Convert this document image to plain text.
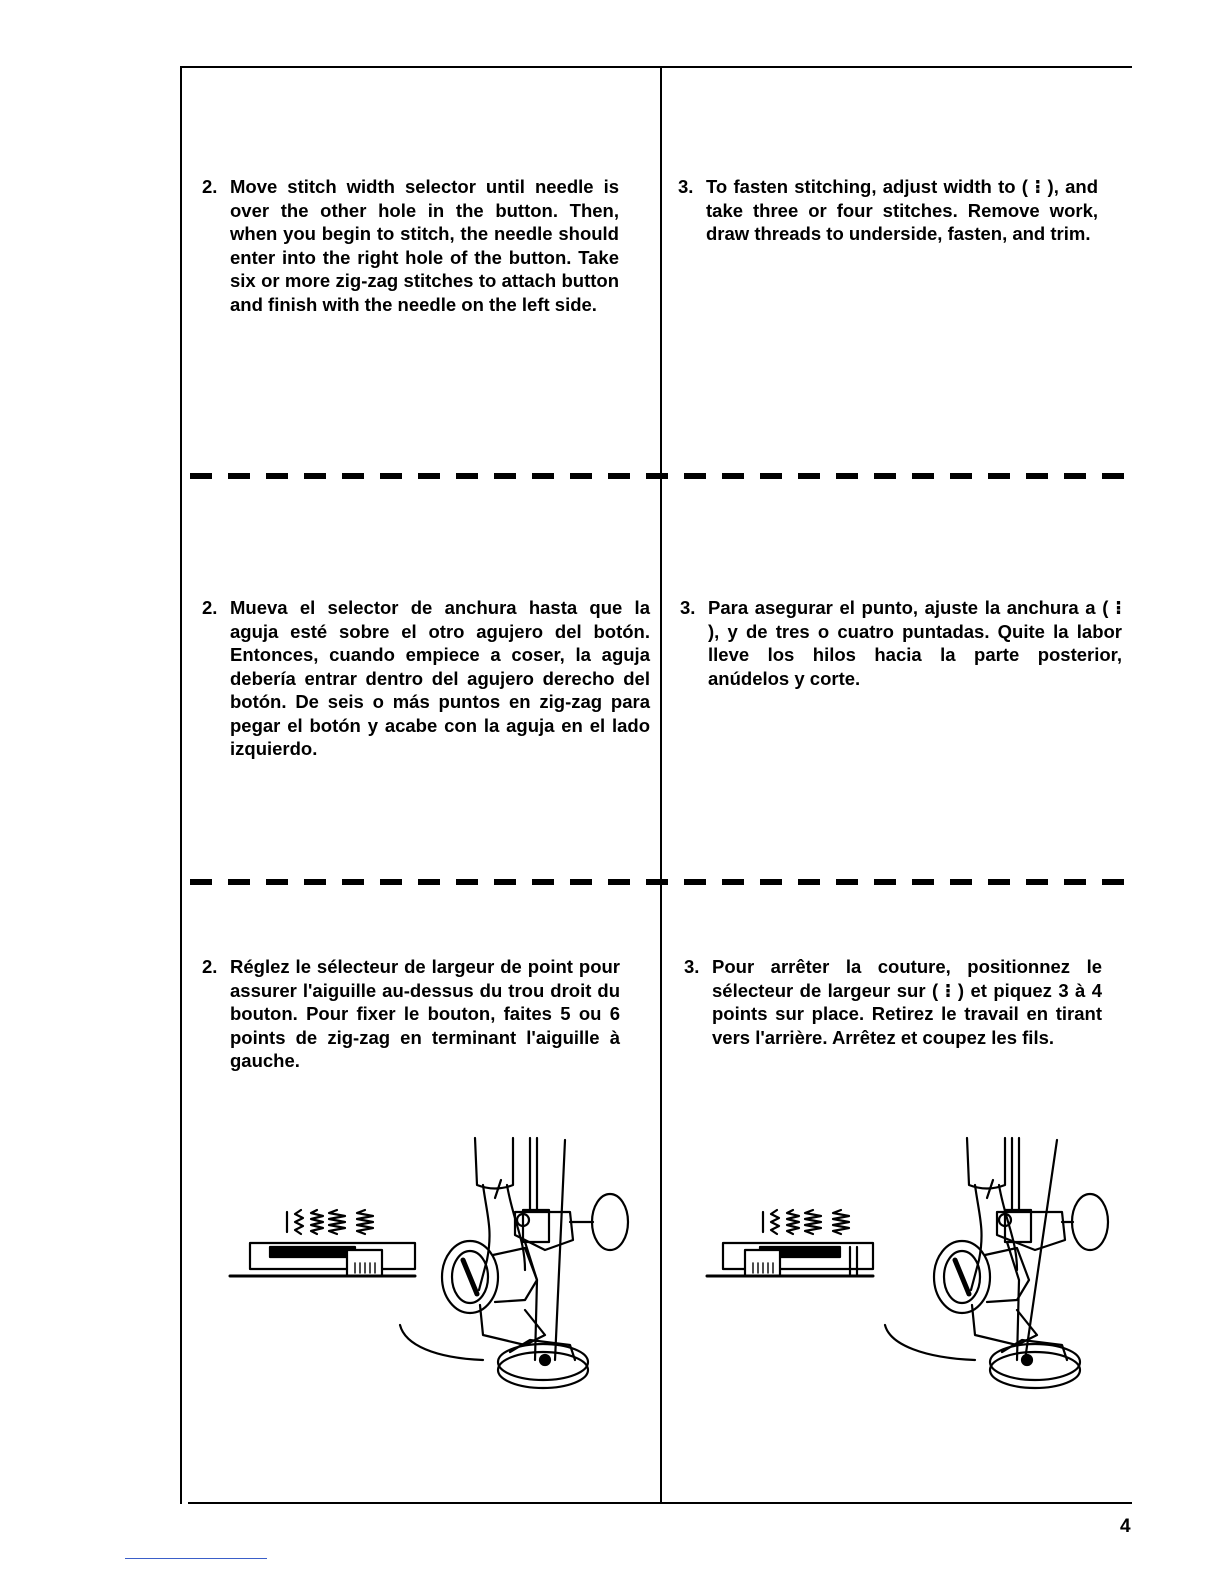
2. Move stitch width selector until needle is over the other hole in the button. Then, when you begin to stitch, the needle should enter into the right hole of the button. Take six or more zig-zag stitches to attach button and finish with the needle on the left side.
3. To fasten stitching, adjust width to ( ⁝ ), and take three or four stitches. Remove work, draw threads to underside, fasten, and trim.
2. Mueva el selector de anchura hasta que la aguja esté sobre el otro agujero del botón. Entonces, cuando empiece a coser, la aguja debería entrar dentro del agujero derecho del botón. De seis o más puntos en zig-zag para pegar el botón y acabe con la aguja en el lado izquierdo.
3. Para asegurar el punto, ajuste la anchura a ( ⁝ ), y de tres o cuatro puntadas. Quite la labor lleve los hilos hacia la parte posterior, anúdelos y corte.
2. Réglez le sélecteur de largeur de point pour assurer l'aiguille au-dessus du trou droit du bouton. Pour fixer le bouton, faites 5 ou 6 points de zig-zag en terminant l'aiguille à gauche.
3. Pour arrêter la couture, positionnez le sélecteur de largeur sur ( ⁝ ) et piquez 3 à 4 points sur place. Retirez le travail en tirant vers l'arrière. Arrêtez et coupez les fils.
4
